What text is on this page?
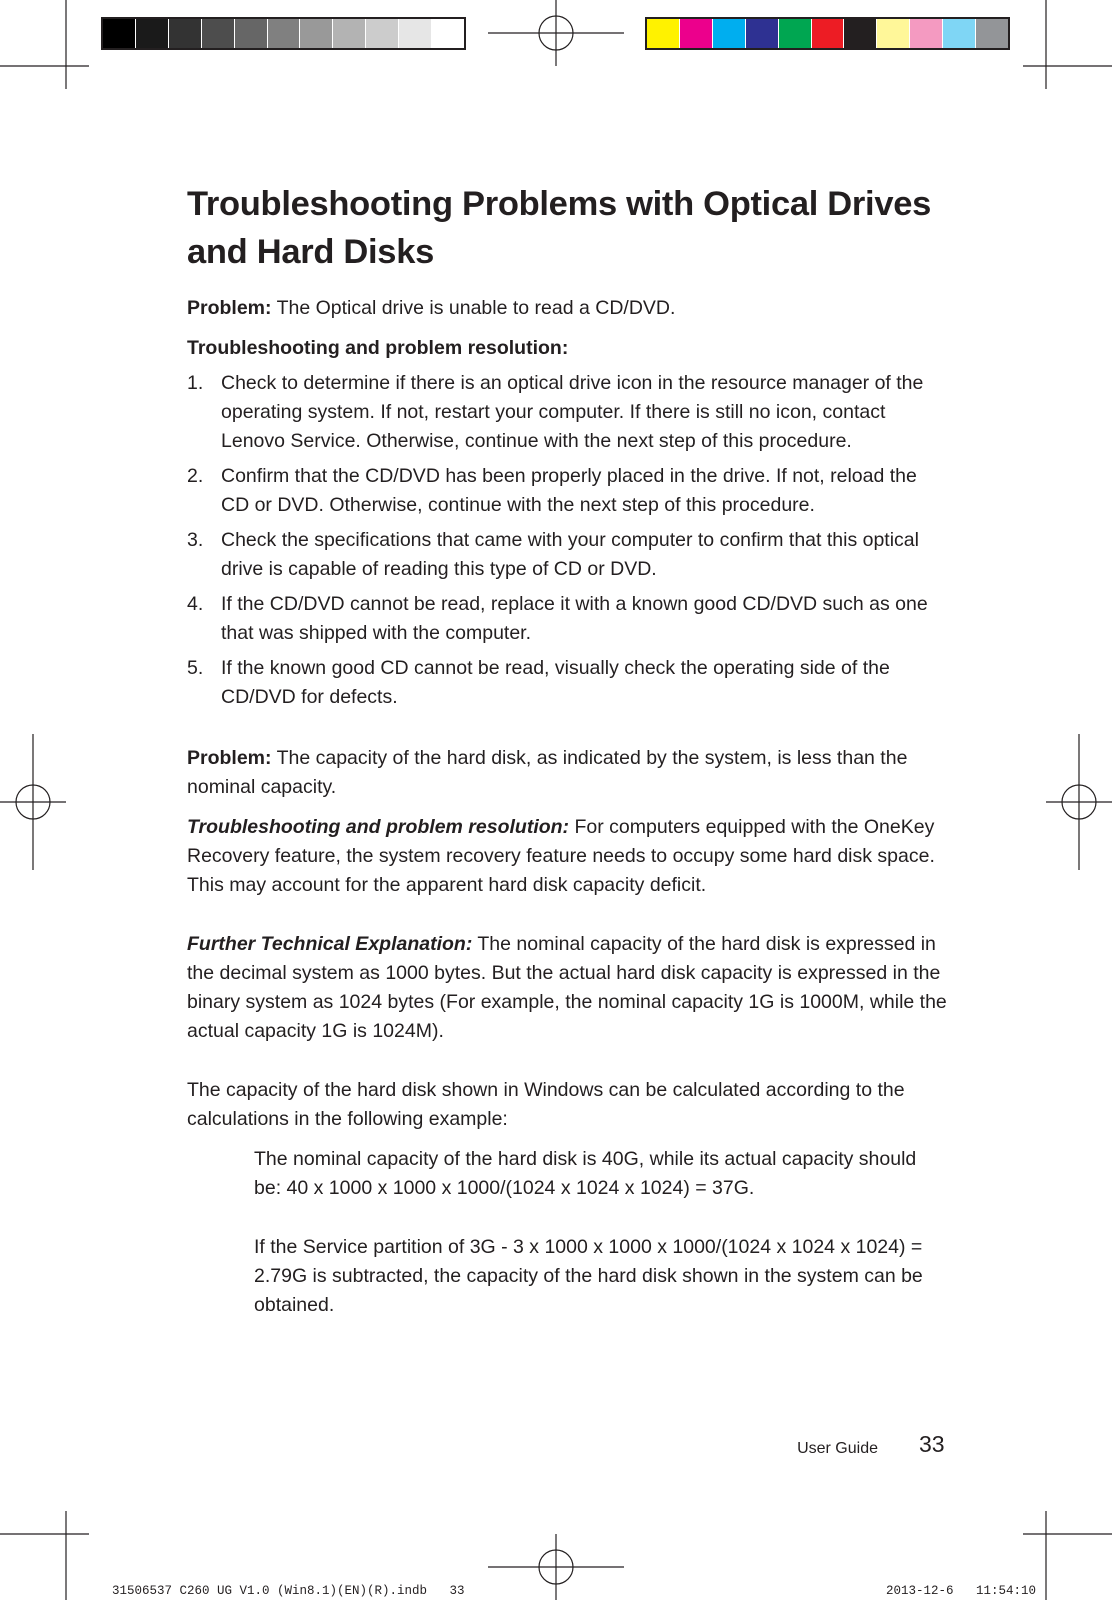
Troubleshooting Problems with Optical Drives and Hard Disks

Problem: The Optical drive is unable to read a CD/DVD.

Troubleshooting and problem resolution:

1. Check to determine if there is an optical drive icon in the resource manager of the operating system. If not, restart your computer. If there is still no icon, contact Lenovo Service. Otherwise, continue with the next step of this procedure.
2. Confirm that the CD/DVD has been properly placed in the drive. If not, reload the CD or DVD. Otherwise, continue with the next step of this procedure.
3. Check the specifications that came with your computer to confirm that this optical drive is capable of reading this type of CD or DVD.
4. If the CD/DVD cannot be read, replace it with a known good CD/DVD such as one that was shipped with the computer.
5. If the known good CD cannot be read, visually check the operating side of the CD/DVD for defects.

Problem: The capacity of the hard disk, as indicated by the system, is less than the nominal capacity.

Troubleshooting and problem resolution: For computers equipped with the OneKey Recovery feature, the system recovery feature needs to occupy some hard disk space. This may account for the apparent hard disk capacity deficit.

Further Technical Explanation: The nominal capacity of the hard disk is expressed in the decimal system as 1000 bytes. But the actual hard disk capacity is expressed in the binary system as 1024 bytes (For example, the nominal capacity 1G is 1000M, while the actual capacity 1G is 1024M).

The capacity of the hard disk shown in Windows can be calculated according to the calculations in the following example:

The nominal capacity of the hard disk is 40G, while its actual capacity should be: 40 x 1000 x 1000 x 1000/(1024 x 1024 x 1024) = 37G.

If the Service partition of 3G - 3 x 1000 x 1000 x 1000/(1024 x 1024 x 1024) = 2.79G is subtracted, the capacity of the hard disk shown in the system can be obtained.

User Guide 33
31506537 C260 UG V1.0 (Win8.1)(EN)(R).indb   33	2013-12-6   11:54:10
